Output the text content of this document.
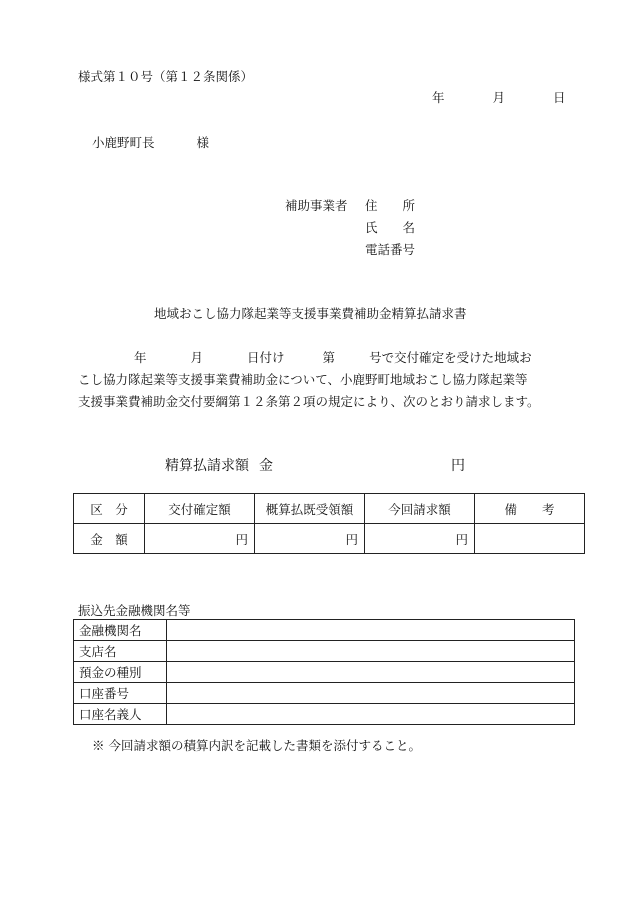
様式第１０号（第１２条関係）
年	月	日
小鹿野町長	様
補助事業者 住　　所
氏　　名
電話番号
地域おこし協力隊起業等支援事業費補助金精算払請求書
年	月	日付け	第	号で交付確定を受けた地域お
こし協力隊起業等支援事業費補助金について、小鹿野町地域おこし協力隊起業等
支援事業費補助金交付要綱第１２条第２項の規定により、次のとおり請求します。
精算払請求額 金	円
区　分	交付確定額	概算払既受領額	今回請求額	備　　考
金　額	円	円	円	
振込先金融機関名等
金融機関名	
支店名	
預金の種別	
口座番号	
口座名義人	
※ 今回請求額の積算内訳を記載した書類を添付すること。
